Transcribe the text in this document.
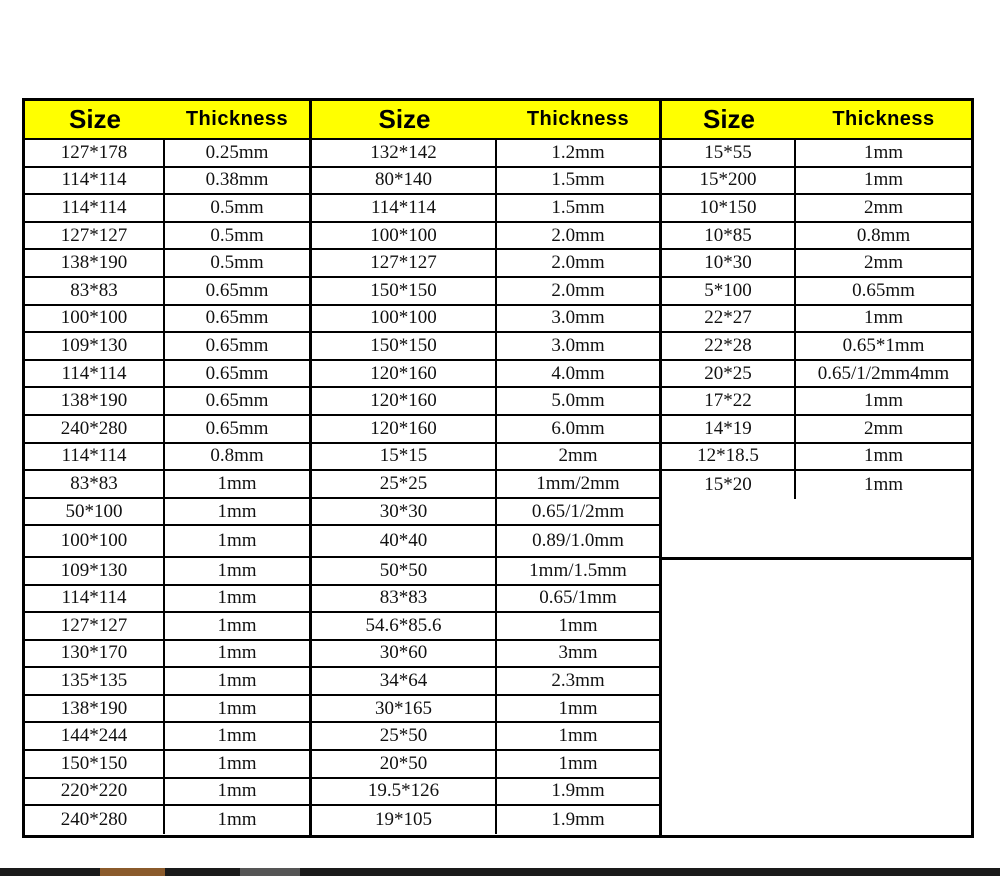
Size	Thickness
127*178	0.25mm
114*114	0.38mm
114*114	0.5mm
127*127	0.5mm
138*190	0.5mm
83*83	0.65mm
100*100	0.65mm
109*130	0.65mm
114*114	0.65mm
138*190	0.65mm
240*280	0.65mm
114*114	0.8mm
83*83	1mm
50*100	1mm
100*100	1mm
109*130	1mm
114*114	1mm
127*127	1mm
130*170	1mm
135*135	1mm
138*190	1mm
144*244	1mm
150*150	1mm
220*220	1mm
240*280	1mm
Size	Thickness
132*142	1.2mm
80*140	1.5mm
114*114	1.5mm
100*100	2.0mm
127*127	2.0mm
150*150	2.0mm
100*100	3.0mm
150*150	3.0mm
120*160	4.0mm
120*160	5.0mm
120*160	6.0mm
15*15	2mm
25*25	1mm/2mm
30*30	0.65/1/2mm
40*40	0.89/1.0mm
50*50	1mm/1.5mm
83*83	0.65/1mm
54.6*85.6	1mm
30*60	3mm
34*64	2.3mm
30*165	1mm
25*50	1mm
20*50	1mm
19.5*126	1.9mm
19*105	1.9mm
Size	Thickness
15*55	1mm
15*200	1mm
10*150	2mm
10*85	0.8mm
10*30	2mm
5*100	0.65mm
22*27	1mm
22*28	0.65*1mm
20*25	0.65/1/2mm4mm
17*22	1mm
14*19	2mm
12*18.5	1mm
15*20	1mm
